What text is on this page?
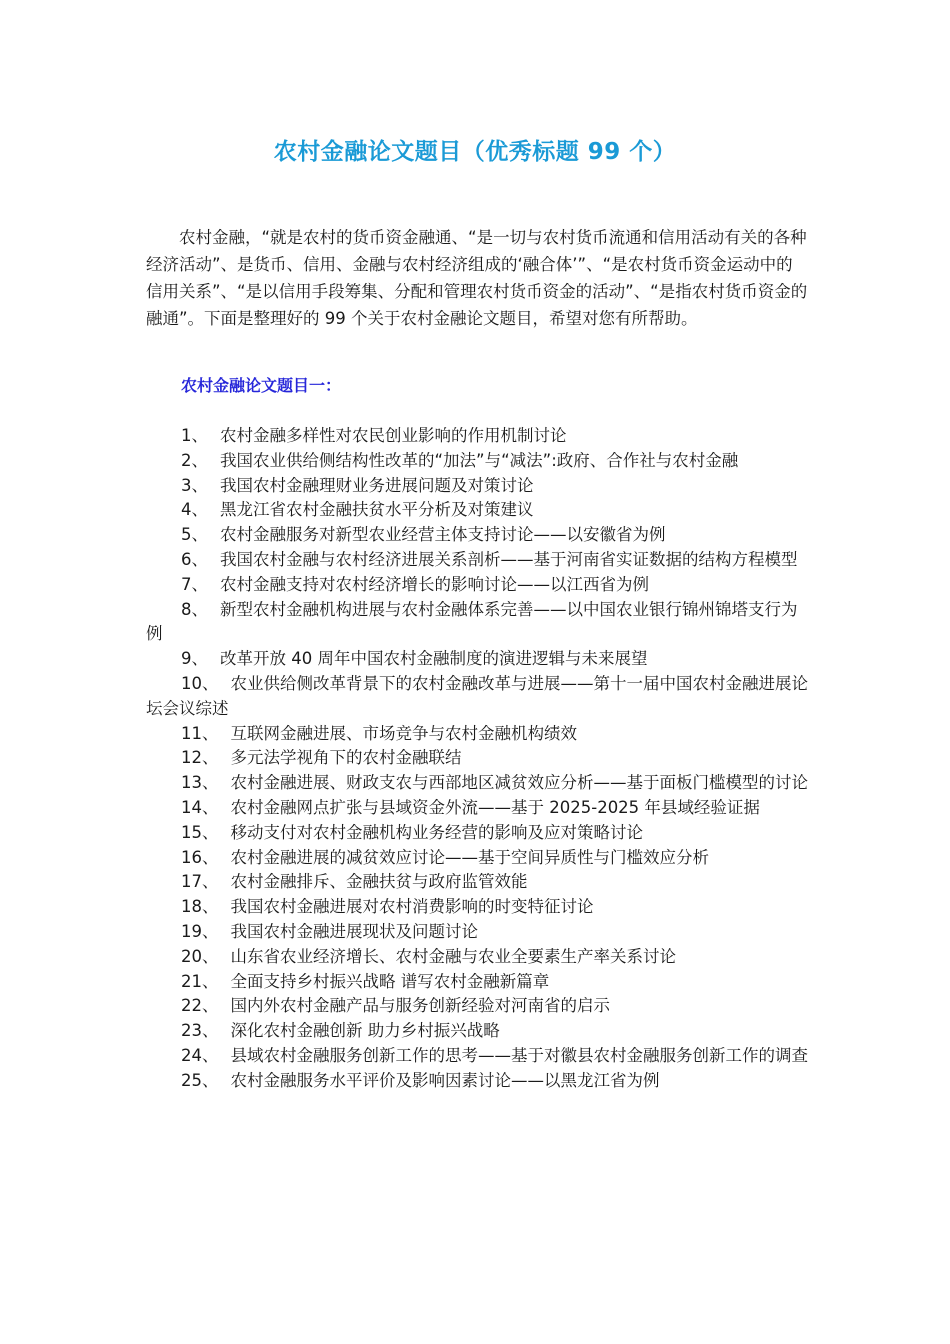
农村金融论文题目（优秀标题 99 个）

农村金融，“就是农村的货币资金融通、“是一切与农村货币流通和信用活动有关的各种经济活动”、是货币、信用、金融与农村经济组成的‘融合体’”、“是农村货币资金运动中的信用关系”、“是以信用手段筹集、分配和管理农村货币资金的活动”、“是指农村货币资金的融通”。下面是整理好的 99 个关于农村金融论文题目，希望对您有所帮助。

农村金融论文题目一：
1、 农村金融多样性对农民创业影响的作用机制讨论
2、 我国农业供给侧结构性改革的“加法”与“减法”:政府、合作社与农村金融
3、 我国农村金融理财业务进展问题及对策讨论
4、 黑龙江省农村金融扶贫水平分析及对策建议
5、 农村金融服务对新型农业经营主体支持讨论——以安徽省为例
6、 我国农村金融与农村经济进展关系剖析——基于河南省实证数据的结构方程模型
7、 农村金融支持对农村经济增长的影响讨论——以江西省为例
8、 新型农村金融机构进展与农村金融体系完善——以中国农业银行锦州锦塔支行为例
9、 改革开放 40 周年中国农村金融制度的演进逻辑与未来展望
10、 农业供给侧改革背景下的农村金融改革与进展——第十一届中国农村金融进展论坛会议综述
11、 互联网金融进展、市场竞争与农村金融机构绩效
12、 多元法学视角下的农村金融联结
13、 农村金融进展、财政支农与西部地区减贫效应分析——基于面板门槛模型的讨论
14、 农村金融网点扩张与县域资金外流——基于 2025-2025 年县域经验证据
15、 移动支付对农村金融机构业务经营的影响及应对策略讨论
16、 农村金融进展的减贫效应讨论——基于空间异质性与门槛效应分析
17、 农村金融排斥、金融扶贫与政府监管效能
18、 我国农村金融进展对农村消费影响的时变特征讨论
19、 我国农村金融进展现状及问题讨论
20、 山东省农业经济增长、农村金融与农业全要素生产率关系讨论
21、 全面支持乡村振兴战略 谱写农村金融新篇章
22、 国内外农村金融产品与服务创新经验对河南省的启示
23、 深化农村金融创新 助力乡村振兴战略
24、 县域农村金融服务创新工作的思考——基于对徽县农村金融服务创新工作的调查
25、 农村金融服务水平评价及影响因素讨论——以黑龙江省为例
